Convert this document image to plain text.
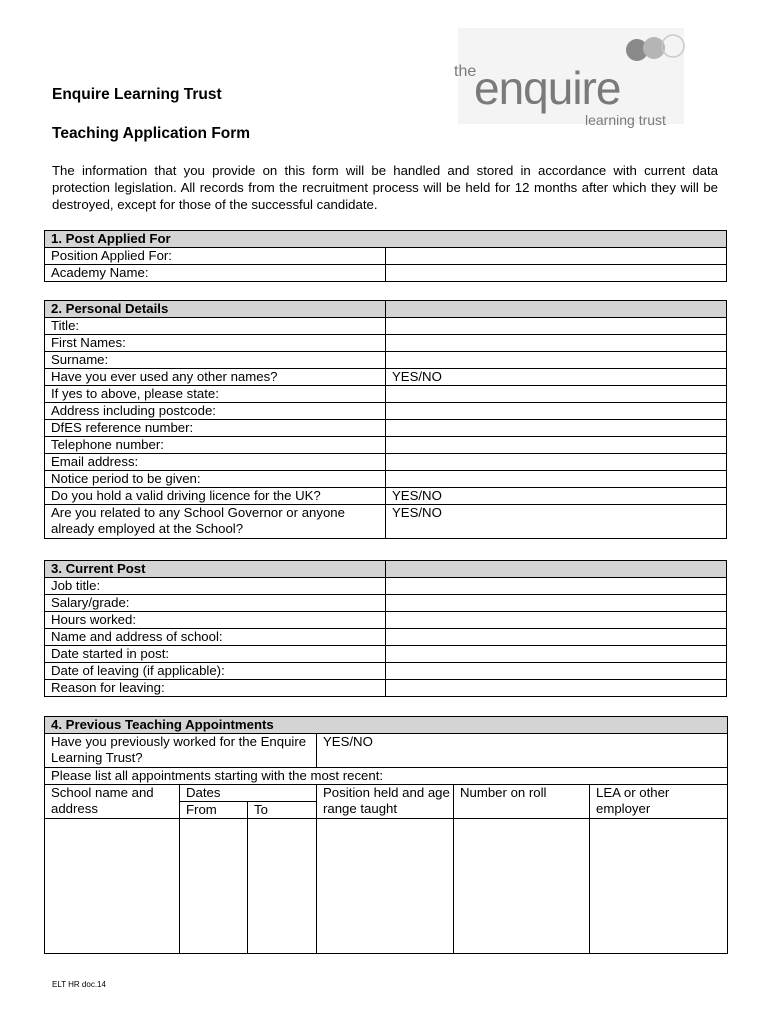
Enquire Learning Trust
Teaching Application Form
The information that you provide on this form will be handled and stored in accordance with current data protection legislation. All records from the recruitment process will be held for 12 months after which they will be destroyed, except for those of the successful candidate.
the
enquire
learning trust
1. Post Applied For	
Position Applied For:	
Academy Name:	
2. Personal Details	
Title:	
First Names:	
Surname:	
Have you ever used any other names?	YES/NO
If yes to above, please state:	
Address including postcode:	
DfES reference number:	
Telephone number:	
Email address:	
Notice period to be given:	
Do you hold a valid driving licence for the UK?	YES/NO
Are you related to any School Governor or anyone already employed at the School?	YES/NO
3. Current Post	
Job title:	
Salary/grade:	
Hours worked:	
Name and address of school:	
Date started in post:	
Date of leaving (if applicable):	
Reason for leaving:	
4. Previous Teaching Appointments					
Have you previously worked for the Enquire Learning Trust?			YES/NO		
Please list all appointments starting with the most recent:					
School name and address	Dates		Position held and age range taught	Number on roll	LEA or other employer
	From	To			

ELT HR doc.14
